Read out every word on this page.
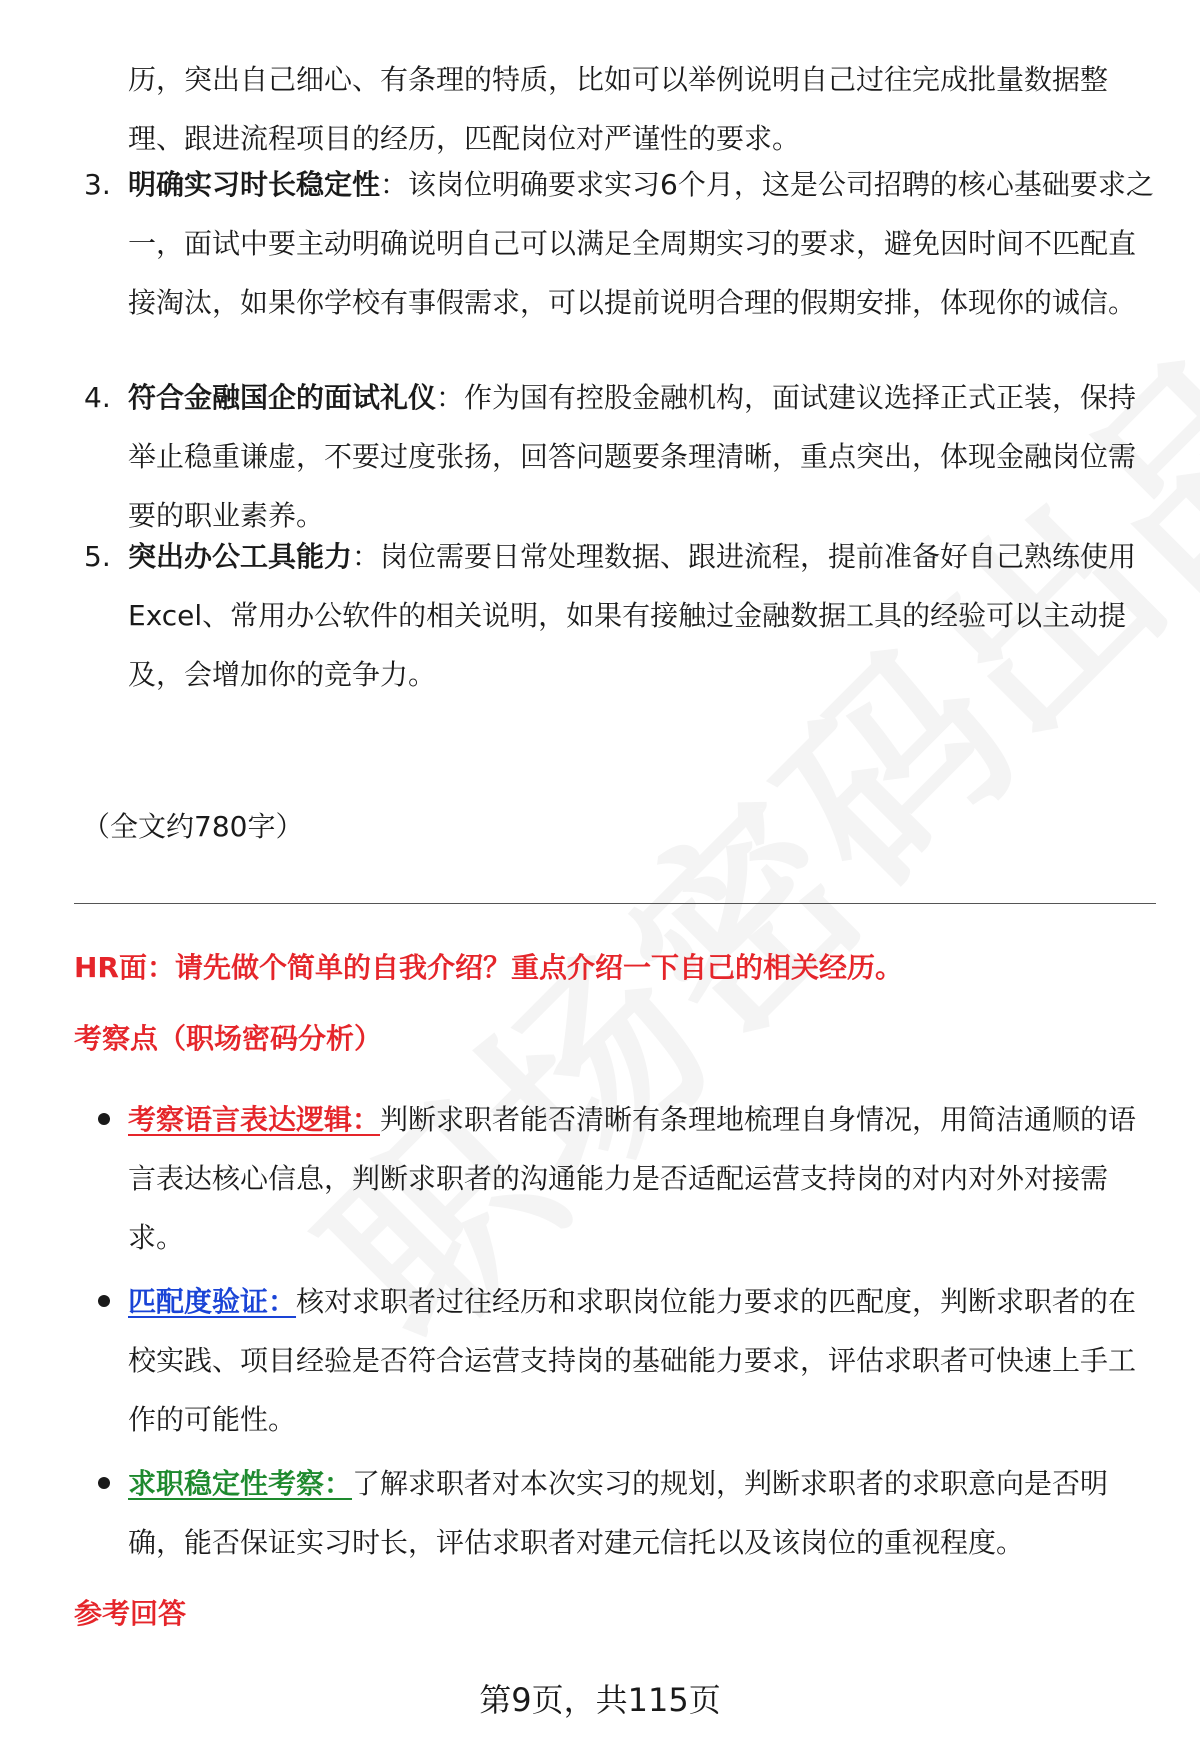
历，突出自己细心、有条理的特质，比如可以举例说明自己过往完成批量数据整理、跟进流程项目的经历，匹配岗位对严谨性的要求。

3. 明确实习时长稳定性：该岗位明确要求实习6个月，这是公司招聘的核心基础要求之一，面试中要主动明确说明自己可以满足全周期实习的要求，避免因时间不匹配直接淘汰，如果你学校有事假需求，可以提前说明合理的假期安排，体现你的诚信。

4. 符合金融国企的面试礼仪：作为国有控股金融机构，面试建议选择正式正装，保持举止稳重谦虚，不要过度张扬，回答问题要条理清晰，重点突出，体现金融岗位需要的职业素养。

5. 突出办公工具能力：岗位需要日常处理数据、跟进流程，提前准备好自己熟练使用Excel、常用办公软件的相关说明，如果有接触过金融数据工具的经验可以主动提及，会增加你的竞争力。

（全文约780字）
HR面：请先做个简单的自我介绍？重点介绍一下自己的相关经历。
考察点（职场密码分析）

考察语言表达逻辑：判断求职者能否清晰有条理地梳理自身情况，用简洁通顺的语言表达核心信息，判断求职者的沟通能力是否适配运营支持岗的对内对外对接需求。

匹配度验证：核对求职者过往经历和求职岗位能力要求的匹配度，判断求职者的在校实践、项目经验是否符合运营支持岗的基础能力要求，评估求职者可快速上手工作的可能性。

求职稳定性考察：了解求职者对本次实习的规划，判断求职者的求职意向是否明确，能否保证实习时长，评估求职者对建元信托以及该岗位的重视程度。

参考回答
第9页，共115页
